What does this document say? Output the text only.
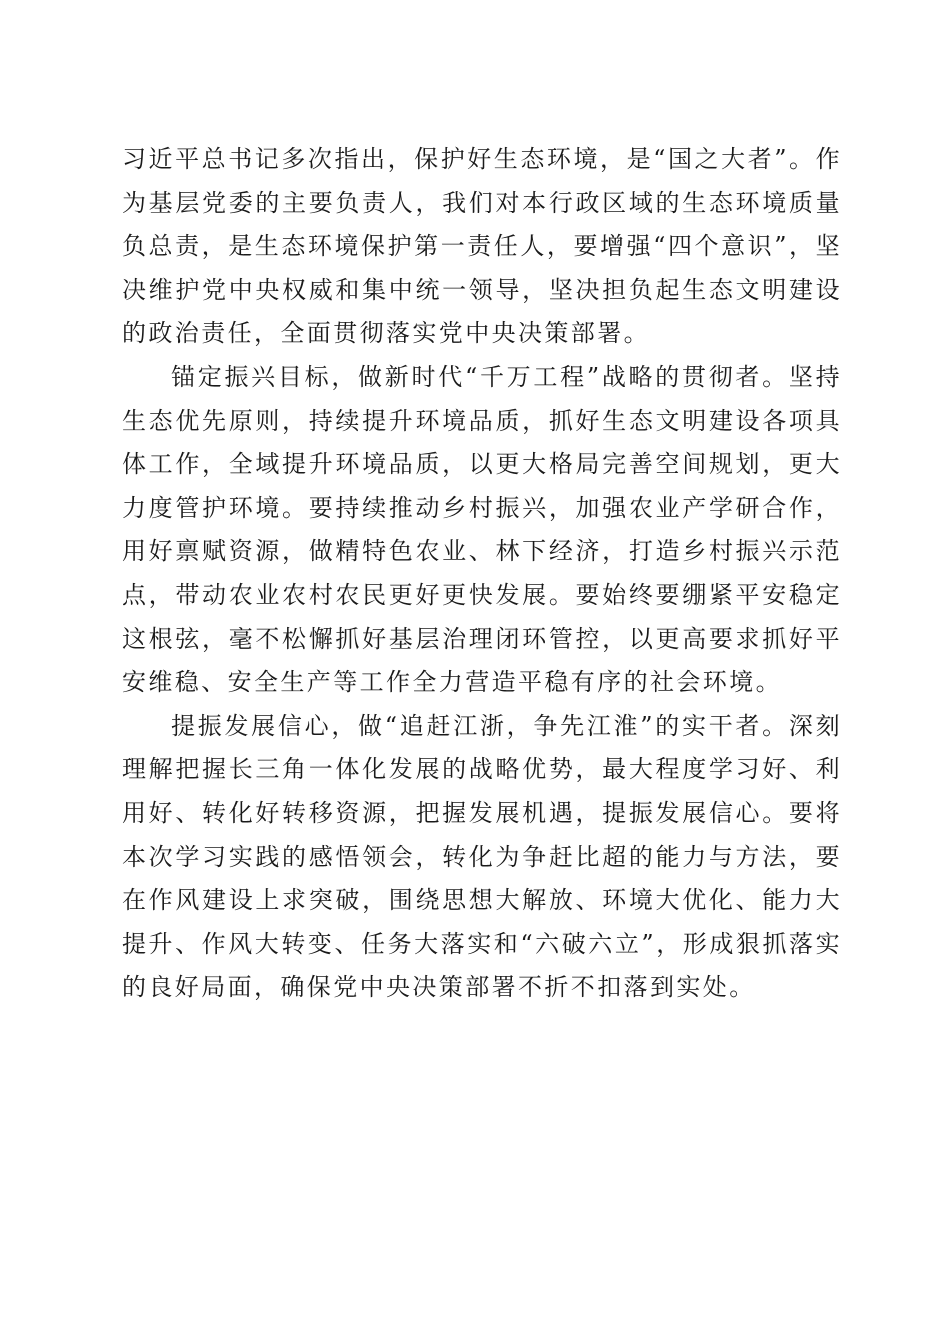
习近平总书记多次指出，保护好生态环境，是“国之大者”。作为基层党委的主要负责人，我们对本行政区域的生态环境质量负总责，是生态环境保护第一责任人，要增强“四个意识”，坚决维护党中央权威和集中统一领导，坚决担负起生态文明建设的政治责任，全面贯彻落实党中央决策部署。

锚定振兴目标，做新时代“千万工程”战略的贯彻者。坚持生态优先原则，持续提升环境品质，抓好生态文明建设各项具体工作，全域提升环境品质，以更大格局完善空间规划，更大力度管护环境。要持续推动乡村振兴，加强农业产学研合作，用好禀赋资源，做精特色农业、林下经济，打造乡村振兴示范点，带动农业农村农民更好更快发展。要始终要绷紧平安稳定这根弦，毫不松懈抓好基层治理闭环管控，以更高要求抓好平安维稳、安全生产等工作全力营造平稳有序的社会环境。

提振发展信心，做“追赶江浙，争先江淮”的实干者。深刻理解把握长三角一体化发展的战略优势，最大程度学习好、利用好、转化好转移资源，把握发展机遇，提振发展信心。要将本次学习实践的感悟领会，转化为争赶比超的能力与方法，要在作风建设上求突破，围绕思想大解放、环境大优化、能力大提升、作风大转变、任务大落实和“六破六立”，形成狠抓落实的良好局面，确保党中央决策部署不折不扣落到实处。
